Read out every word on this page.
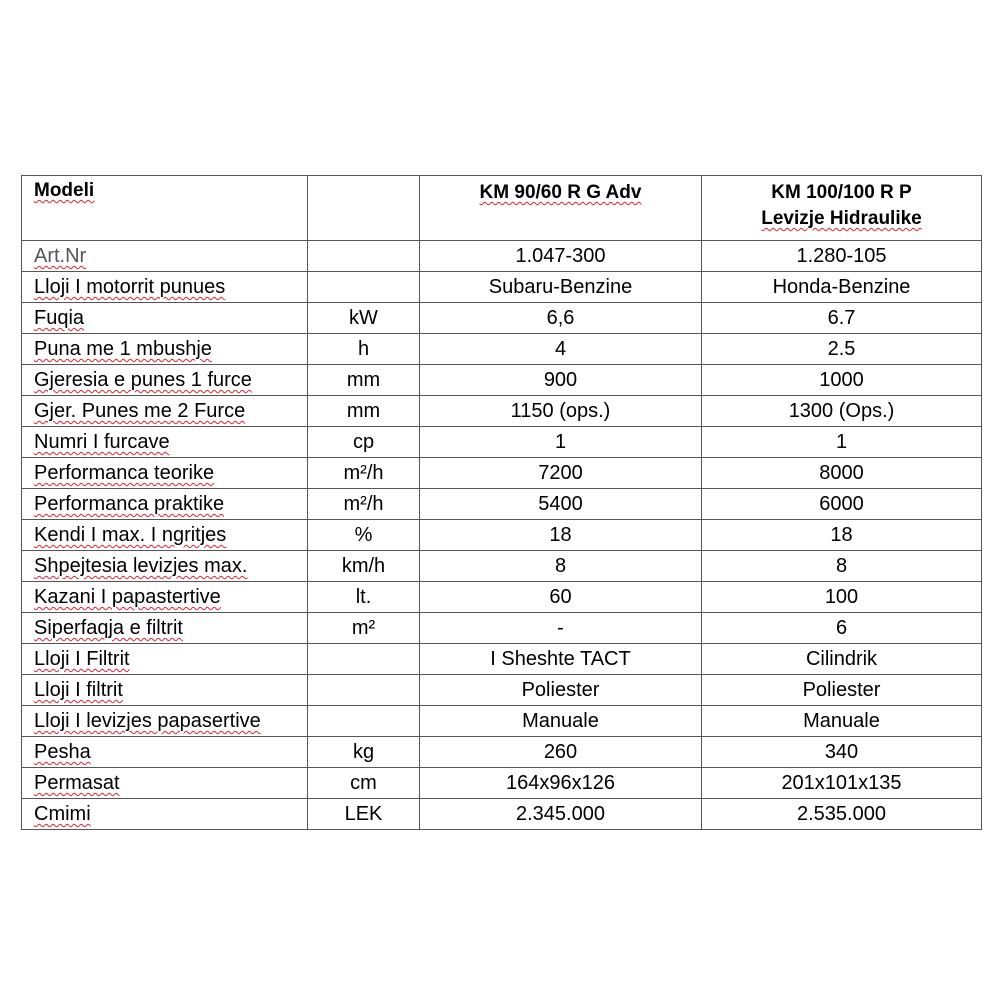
Modeli		KM 90/60 R G Adv	KM 100/100 R P
Levizje Hidraulike

Art.Nr		1.047-300	1.280-105
Lloji I motorrit punues		Subaru-Benzine	Honda-Benzine
Fuqia	kW	6,6	6.7
Puna me 1 mbushje	h	4	2.5
Gjeresia e punes 1 furce	mm	900	1000
Gjer. Punes me 2 Furce	mm	1150 (ops.)	1300 (Ops.)
Numri I furcave	cp	1	1
Performanca teorike	m²/h	7200	8000
Performanca praktike	m²/h	5400	6000
Kendi I max. I ngritjes	%	18	18
Shpejtesia levizjes max.	km/h	8	8
Kazani I papastertive	lt.	60	100
Siperfaqja e filtrit	m²	-	6
Lloji I Filtrit		I Sheshte TACT	Cilindrik
Lloji I filtrit		Poliester	Poliester
Lloji I levizjes papasertive		Manuale	Manuale
Pesha	kg	260	340
Permasat	cm	164x96x126	201x101x135
Cmimi	LEK	2.345.000	2.535.000
